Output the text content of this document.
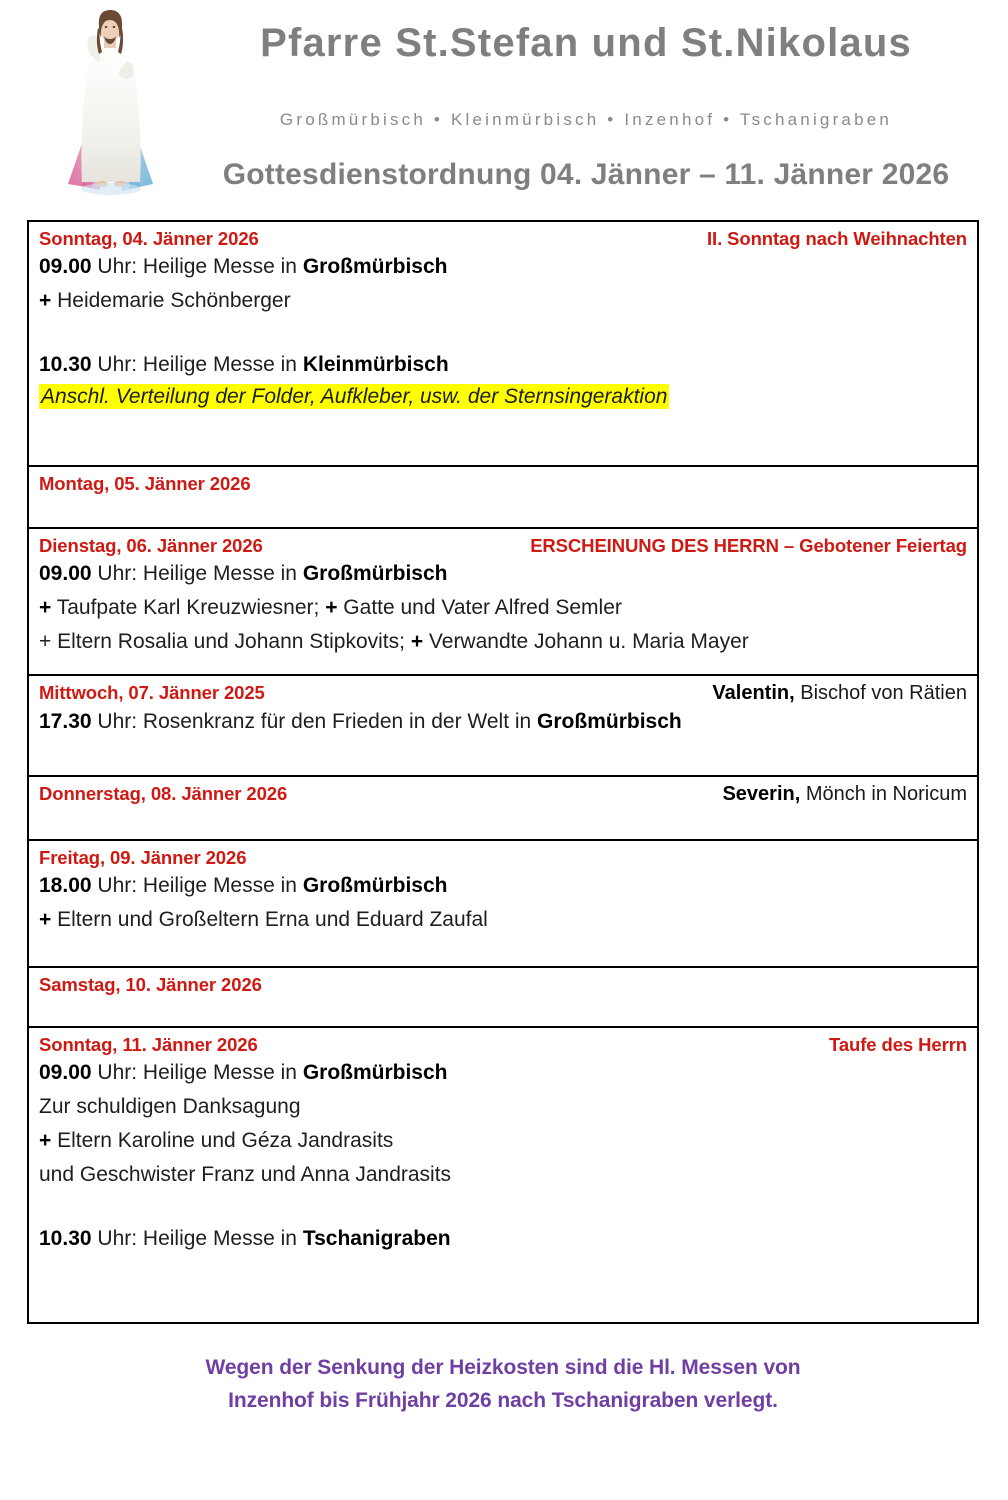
Pfarre St.Stefan und St.Nikolaus
Großmürbisch • Kleinmürbisch • Inzenhof • Tschanigraben
Gottesdienstordnung 04. Jänner – 11. Jänner 2026
Sonntag, 04. Jänner 2026	II. Sonntag nach Weihnachten
09.00 Uhr: Heilige Messe in Großmürbisch
+ Heidemarie Schönberger
10.30 Uhr: Heilige Messe in Kleinmürbisch
Anschl. Verteilung der Folder, Aufkleber, usw. der Sternsingeraktion
Montag, 05. Jänner 2026
Dienstag, 06. Jänner 2026	ERSCHEINUNG DES HERRN – Gebotener Feiertag
09.00 Uhr: Heilige Messe in Großmürbisch
+ Taufpate Karl Kreuzwiesner; + Gatte und Vater Alfred Semler
+ Eltern Rosalia und Johann Stipkovits; + Verwandte Johann u. Maria Mayer
Mittwoch, 07. Jänner 2025	Valentin, Bischof von Rätien
17.30 Uhr: Rosenkranz für den Frieden in der Welt in Großmürbisch
Donnerstag, 08. Jänner 2026	Severin, Mönch in Noricum
Freitag, 09. Jänner 2026
18.00 Uhr: Heilige Messe in Großmürbisch
+ Eltern und Großeltern Erna und Eduard Zaufal
Samstag, 10. Jänner 2026
Sonntag, 11. Jänner 2026	Taufe des Herrn
09.00 Uhr: Heilige Messe in Großmürbisch
Zur schuldigen Danksagung
+ Eltern Karoline und Géza Jandrasits
und Geschwister Franz und Anna Jandrasits
10.30 Uhr: Heilige Messe in Tschanigraben
Wegen der Senkung der Heizkosten sind die Hl. Messen von
Inzenhof bis Frühjahr 2026 nach Tschanigraben verlegt.
